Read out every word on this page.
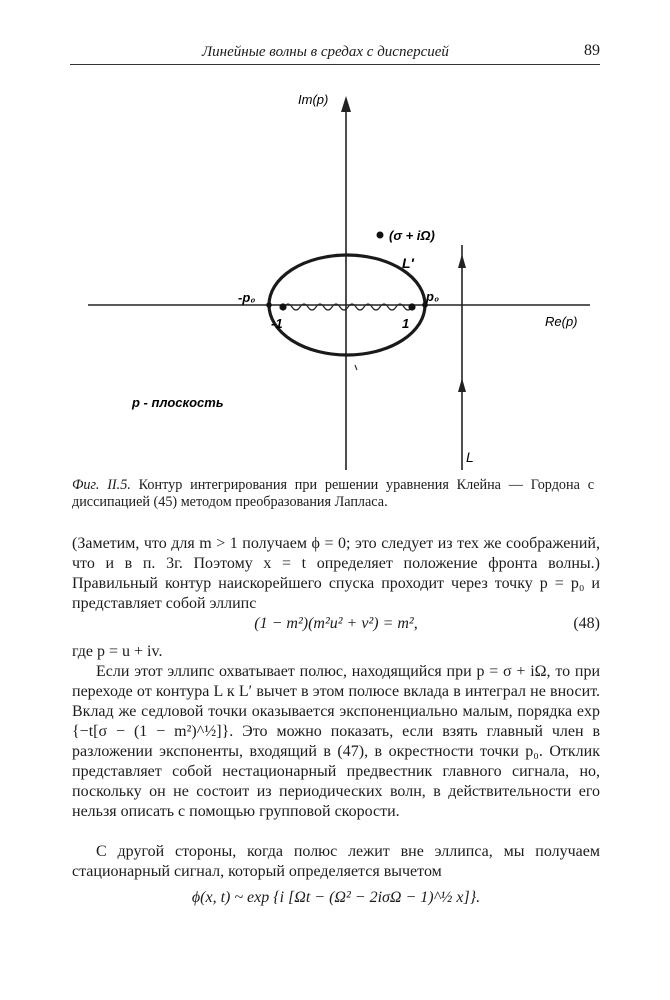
Линейные волны в средах с дисперсией	89
Im(p)
Re(p)
(σ + iΩ)
L′
-p₀	p₀
-1	1
L
p - плоскость
Фиг. II.5. Контур интегрирования при решении уравнения Клейна — Гордона с диссипацией (45) методом преобразования Лапласа.

(Заметим, что для m > 1 получаем ϕ = 0; это следует из тех же соображений, что и в п. 3г. Поэтому x = t определяет положение фронта волны.) Правильный контур наискорейшего спуска проходит через точку p = p₀ и представляет собой эллипс

(1 − m²)(m²u² + v²) = m²,	(48)

где p = u + iv.

Если этот эллипс охватывает полюс, находящийся при p = σ + iΩ, то при переходе от контура L к L′ вычет в этом полюсе вклада в интеграл не вносит. Вклад же седловой точки оказывается экспоненциально малым, порядка exp {−t[σ − (1 − m²)^½]}. Это можно показать, если взять главный член в разложении экспоненты, входящий в (47), в окрестности точки p₀. Отклик представляет собой нестационарный предвестник главного сигнала, но, поскольку он не состоит из периодических волн, в действительности его нельзя описать с помощью групповой скорости.

С другой стороны, когда полюс лежит вне эллипса, мы получаем стационарный сигнал, который определяется вычетом

ϕ(x, t) ~ exp {i [Ωt − (Ω² − 2iσΩ − 1)^½ x]}.
